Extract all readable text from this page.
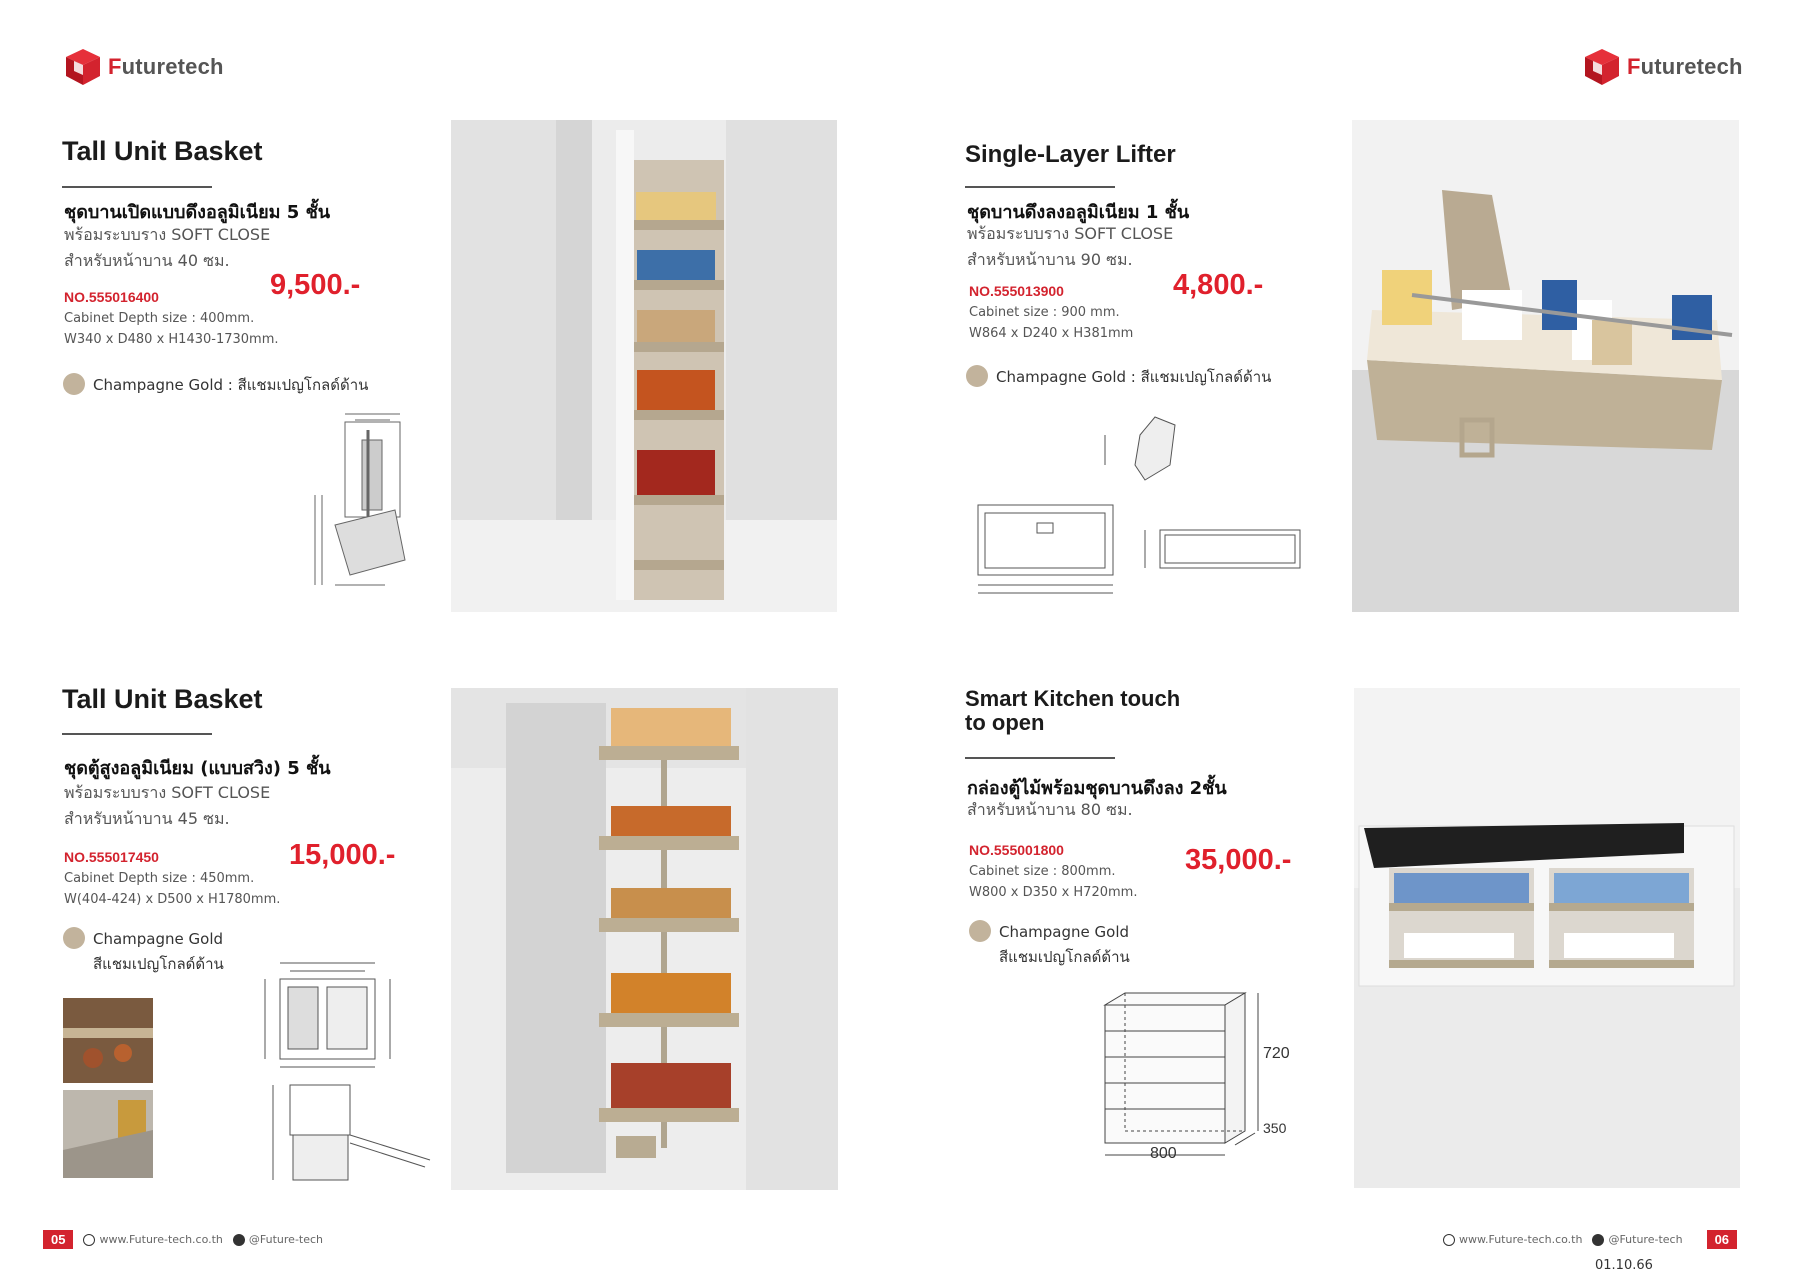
Futuretech	Futuretech
Tall Unit Basket
ชุดบานเปิดแบบดึงอลูมิเนียม 5 ชั้น
พร้อมระบบราง SOFT CLOSE
สำหรับหน้าบาน 40 ซม.
NO.555016400	9,500.-
Cabinet Depth size : 400mm.
W340 x D480 x H1430-1730mm.
Champagne Gold : สีแชมเปญโกลด์ด้าน
Single-Layer Lifter
ชุดบานดึงลงอลูมิเนียม 1 ชั้น
พร้อมระบบราง SOFT CLOSE
สำหรับหน้าบาน 90 ซม.
NO.555013900	4,800.-
Cabinet size : 900 mm.
W864 x D240 x H381mm
Champagne Gold : สีแชมเปญโกลด์ด้าน
Tall Unit Basket
ชุดตู้สูงอลูมิเนียม (แบบสวิง) 5 ชั้น
พร้อมระบบราง SOFT CLOSE
สำหรับหน้าบาน 45 ซม.
NO.555017450	15,000.-
Cabinet Depth size : 450mm.
W(404-424) x D500 x H1780mm.
Champagne Gold
สีแชมเปญโกลด์ด้าน
Smart Kitchen touch
to open
กล่องตู้ไม้พร้อมชุดบานดึงลง 2ชั้น
สำหรับหน้าบาน 80 ซม.
NO.555001800	35,000.-
Cabinet size : 800mm.
W800 x D350 x H720mm.
Champagne Gold
สีแชมเปญโกลด์ด้าน
720
350
800
05	www.Future-tech.co.th @Future-tech	www.Future-tech.co.th @Future-tech	06
01.10.66
